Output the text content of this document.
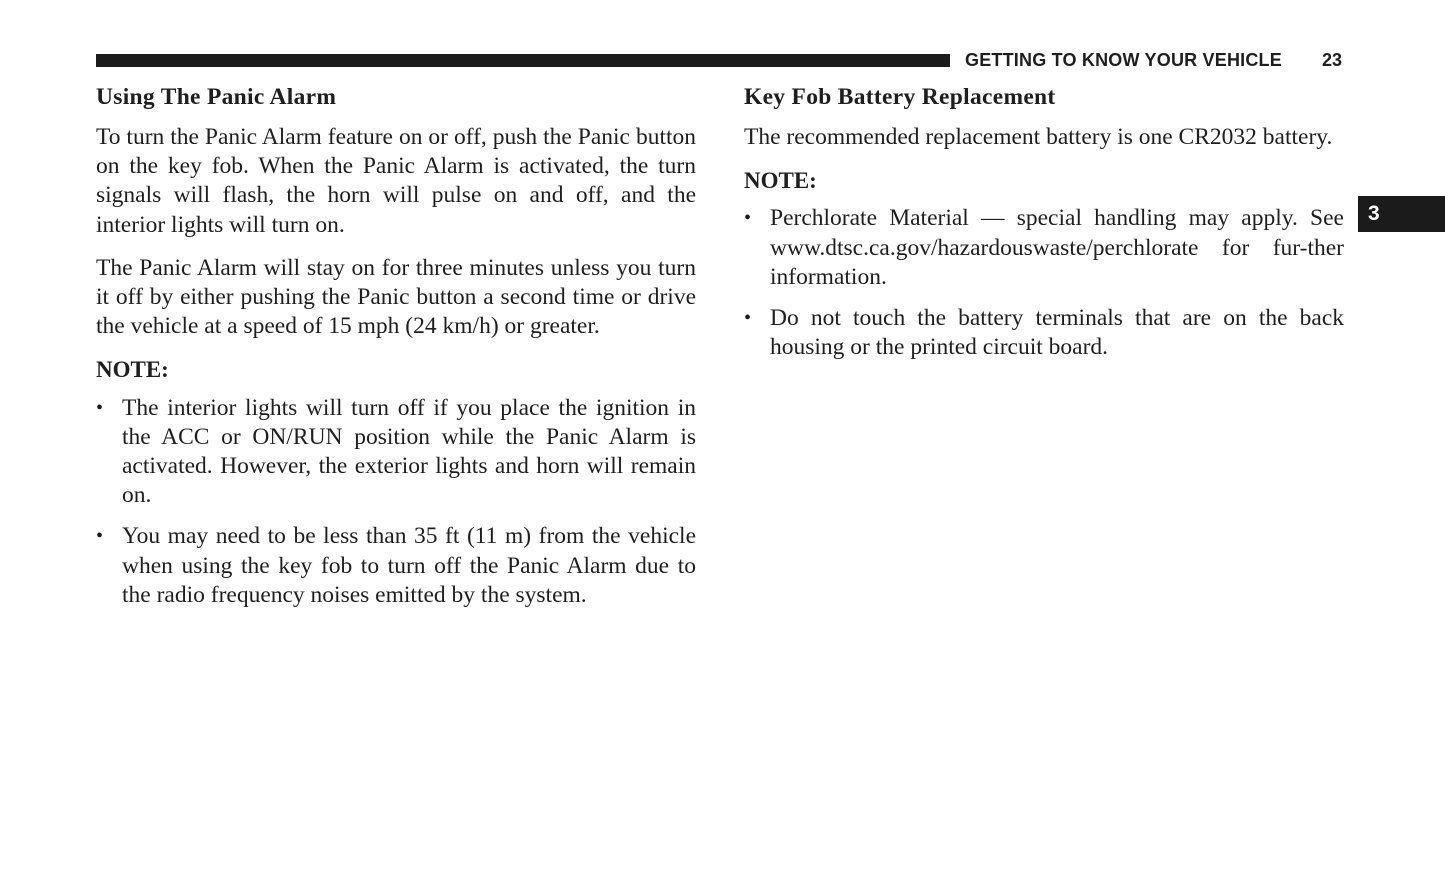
GETTING TO KNOW YOUR VEHICLE 23
3
Using The Panic Alarm

To turn the Panic Alarm feature on or off, push the Panic button on the key fob. When the Panic Alarm is activated, the turn signals will flash, the horn will pulse on and off, and the interior lights will turn on.

The Panic Alarm will stay on for three minutes unless you turn it off by either pushing the Panic button a second time or drive the vehicle at a speed of 15 mph (24 km/h) or greater.

NOTE:
• The interior lights will turn off if you place the ignition in the ACC or ON/RUN position while the Panic Alarm is activated. However, the exterior lights and horn will remain on.
• You may need to be less than 35 ft (11 m) from the vehicle when using the key fob to turn off the Panic Alarm due to the radio frequency noises emitted by the system.
Key Fob Battery Replacement

The recommended replacement battery is one CR2032 battery.

NOTE:
• Perchlorate Material — special handling may apply. See www.dtsc.ca.gov/hazardouswaste/perchlorate for fur-ther information.
• Do not touch the battery terminals that are on the back housing or the printed circuit board.
